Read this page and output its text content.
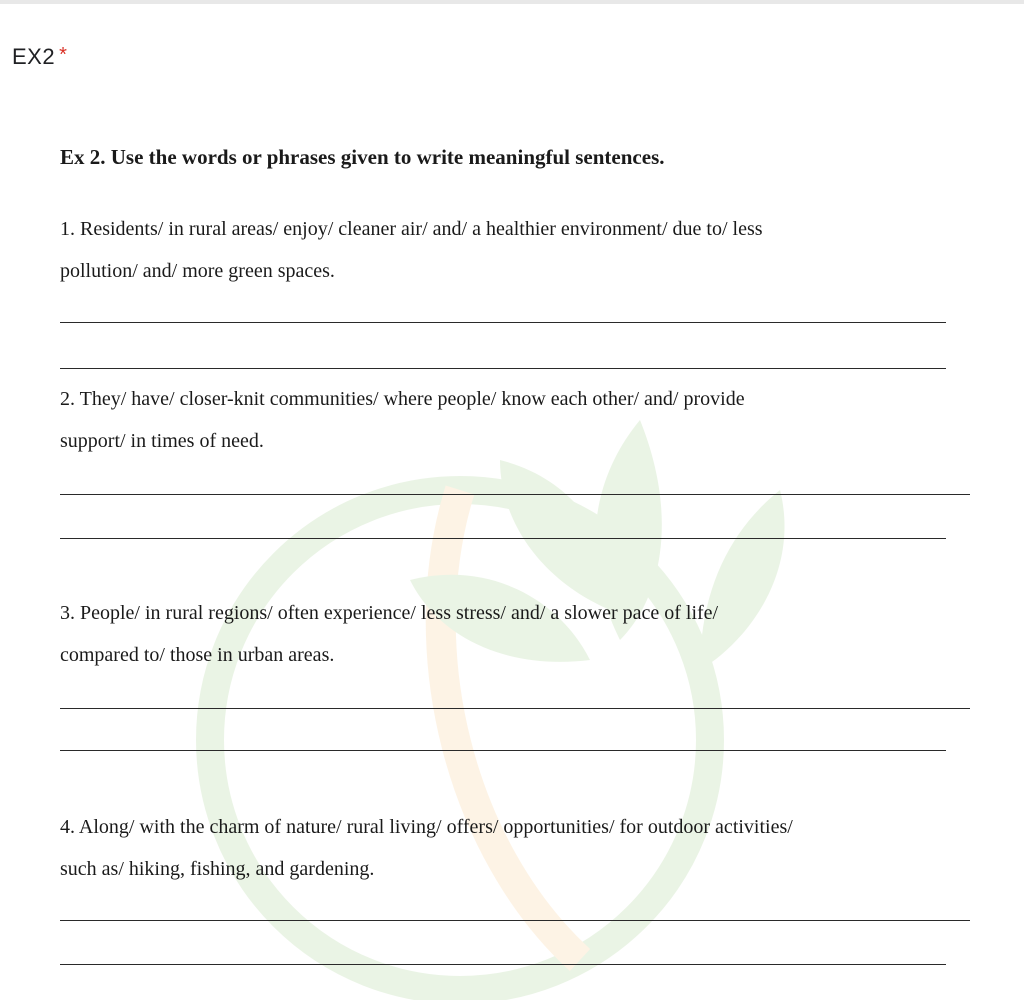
EX2 *
Ex 2. Use the words or phrases given to write meaningful sentences.
1. Residents/ in rural areas/ enjoy/ cleaner air/ and/ a healthier environment/ due to/ less
pollution/ and/ more green spaces.
2. They/ have/ closer-knit communities/ where people/ know each other/ and/ provide
support/ in times of need.
3. People/ in rural regions/ often experience/ less stress/ and/ a slower pace of life/
compared to/ those in urban areas.
4. Along/ with the charm of nature/ rural living/ offers/ opportunities/ for outdoor activities/
such as/ hiking, fishing, and gardening.
